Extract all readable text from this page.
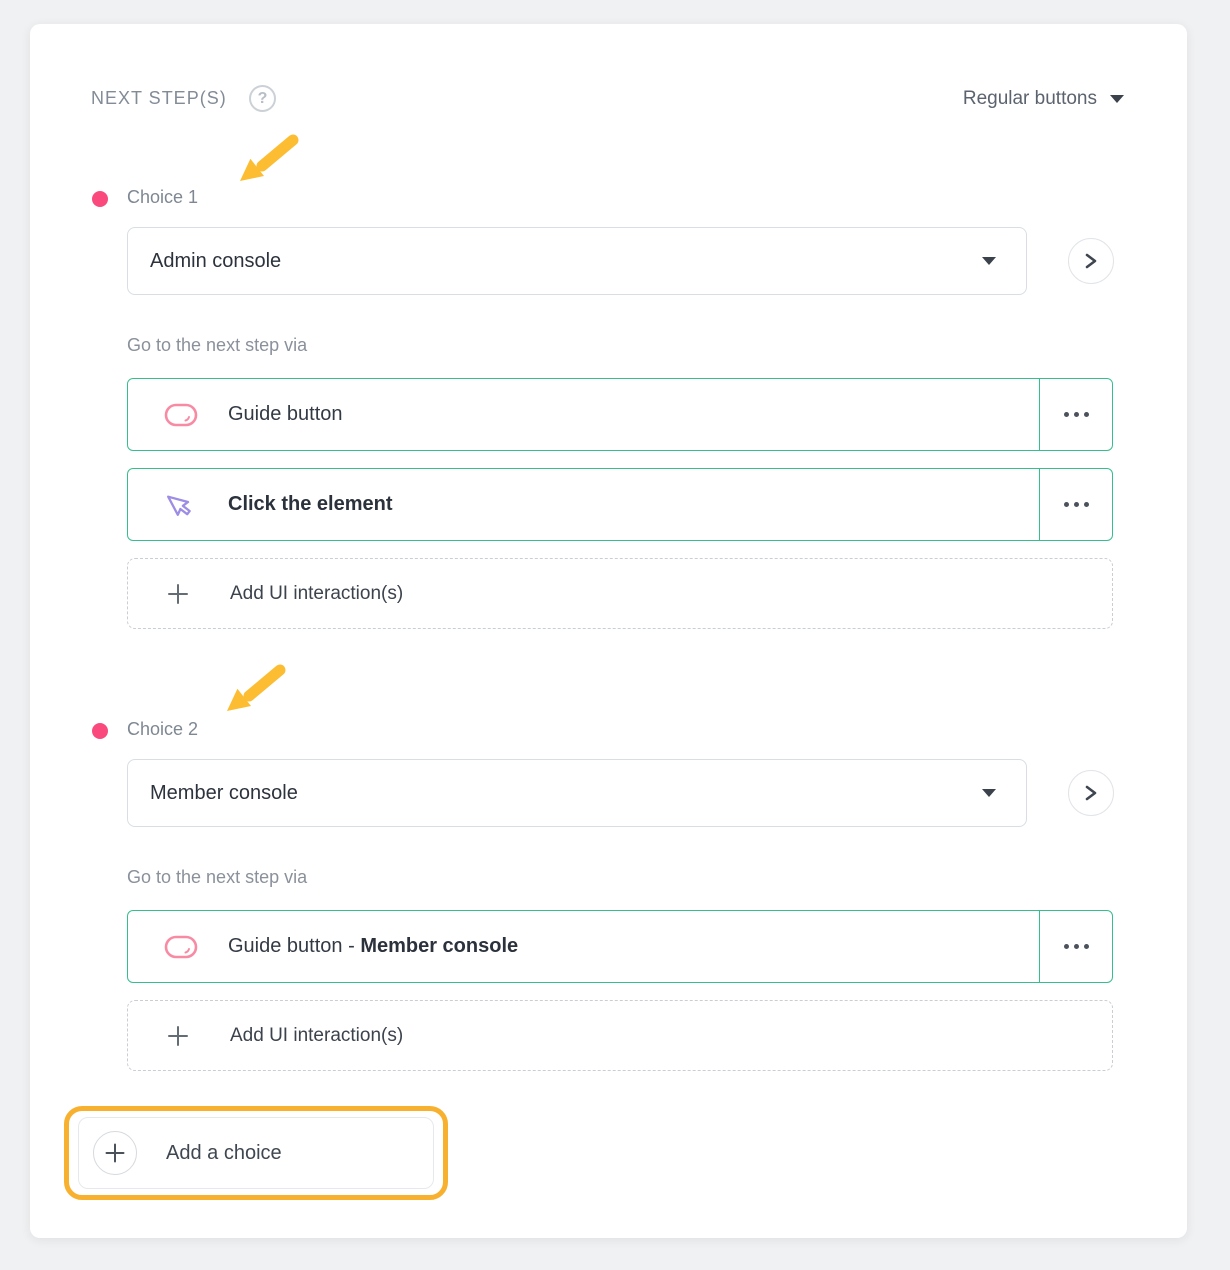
NEXT STEP(S)	?	Regular buttons
Choice 1
Admin console
Go to the next step via
Guide button
Click the element
Add UI interaction(s)
Choice 2
Member console
Go to the next step via
Guide button - Member console
Add UI interaction(s)
Add a choice
